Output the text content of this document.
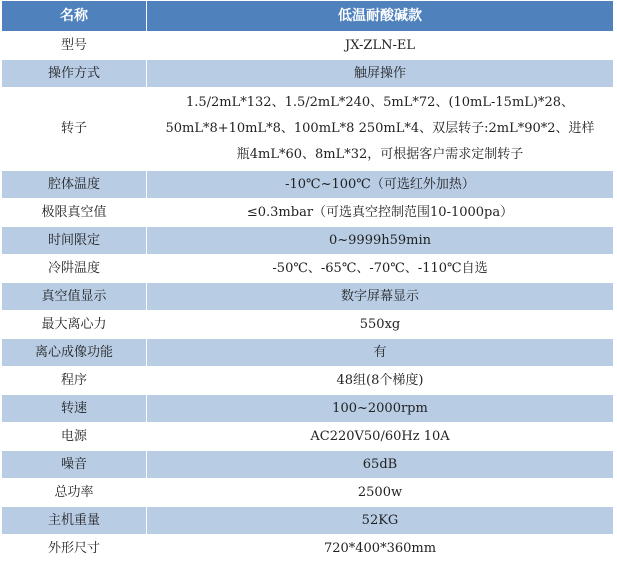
名称	低温耐酸碱款
型号	JX-ZLN-EL
操作方式	触屏操作
转子	1.5/2mL*132、1.5/2mL*240、5mL*72、(10mL-15mL)*28、
50mL*8+10mL*8、100mL*8 250mL*4、双层转子:2mL*90*2、进样
瓶4mL*60、8mL*32，可根据客户需求定制转子

腔体温度	-10℃~100℃（可选红外加热）
极限真空值	≤0.3mbar（可选真空控制范围10-1000pa）
时间限定	0~9999h59min
冷阱温度	-50℃、-65℃、-70℃、-110℃自选
真空值显示	数字屏幕显示
最大离心力	550xg
离心成像功能	有
程序	48组(8个梯度)
转速	100~2000rpm
电源	AC220V50/60Hz 10A
噪音	65dB
总功率	2500w
主机重量	52KG
外形尺寸	720*400*360mm
